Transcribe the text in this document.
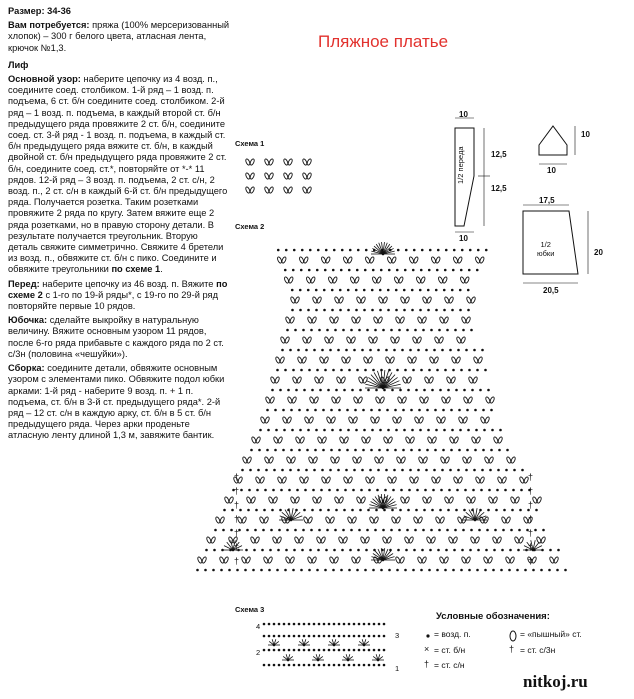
Размер: 34-36

Вам потребуется: пряжа (100% мерсеризованный хлопок) – 300 г белого цвета, атласная лента, крючок №1,3.

Лиф

Основной узор: наберите цепочку из 4 возд. п., соедините соед. столбиком. 1-й ряд – 1 возд. п. подъема, 6 ст. б/н соедините соед. столбиком. 2-й ряд – 1 возд. п. подъема, в каждый второй ст. б/н предыдущего ряда провяжите 2 ст. б/н, соедините соед. ст. 3-й ряд - 1 возд. п. подъема, в каждый ст. б/н предыдущего ряда вяжите ст. б/н, в каждый двойной ст. б/н предыдущего ряда провяжите 2 ст. б/н, соедините соед. ст.*, повторяйте от *-* 11 рядов. 12-й ряд – 3 возд. п. подъема, 2 ст. с/н, 2 возд. п., 2 ст. с/н в каждый 6-й ст. б/н предыдущего ряда. Получается розетка. Таким розетками провяжите 2 ряда по кругу. Затем вяжите еще 2 ряда розетками, но в правую сторону детали. В результате получается треугольник. Вторую деталь свяжите симметрично. Свяжите 4 бретели из возд. п., обвяжите ст. б/н с пико. Соедините и обвяжите треугольники по схеме 1.

Перед: наберите цепочку из 46 возд. п. Вяжите по схеме 2 с 1-го по 19-й ряды*, с 19-го по 29-й ряд повторяйте первые 10 рядов.

Юбочка: сделайте выкройку в натуральную величину. Вяжите основным узором 11 рядов, после 6-го ряда прибавьте с каждого ряда по 2 ст. с/3н (половина «чешуйки»).

Сборка: соедините детали, обвяжите основным узором с элементами пико. Обвяжите подол юбки арками: 1-й ряд - наберите 9 возд. п. + 1 п. подъема, ст. б/н в 3-й ст. предыдущего ряда*. 2-й ряд – 12 ст. с/н в каждую арку, ст. б/н в 5 ст. б/н предыдущего ряда. Через арки проденьте атласную ленту длиной 1,3 м, завяжите бантик.

Пляжное платье
†	†
†	†
†	†
†	†
†	†
†	†
†	†
×	†
†
10
12,5
12,5
10
1/2 переда
10
10
17,5
20
20,5
1/2
юбки
Схема 1
Схема 2
Схема 3
4
3
2
1
Условные обозначения:
= возд. п.	= «пышный» ст.
= ст. б/н	= ст. с/3н
= ст. с/н
nitkoj.ru
